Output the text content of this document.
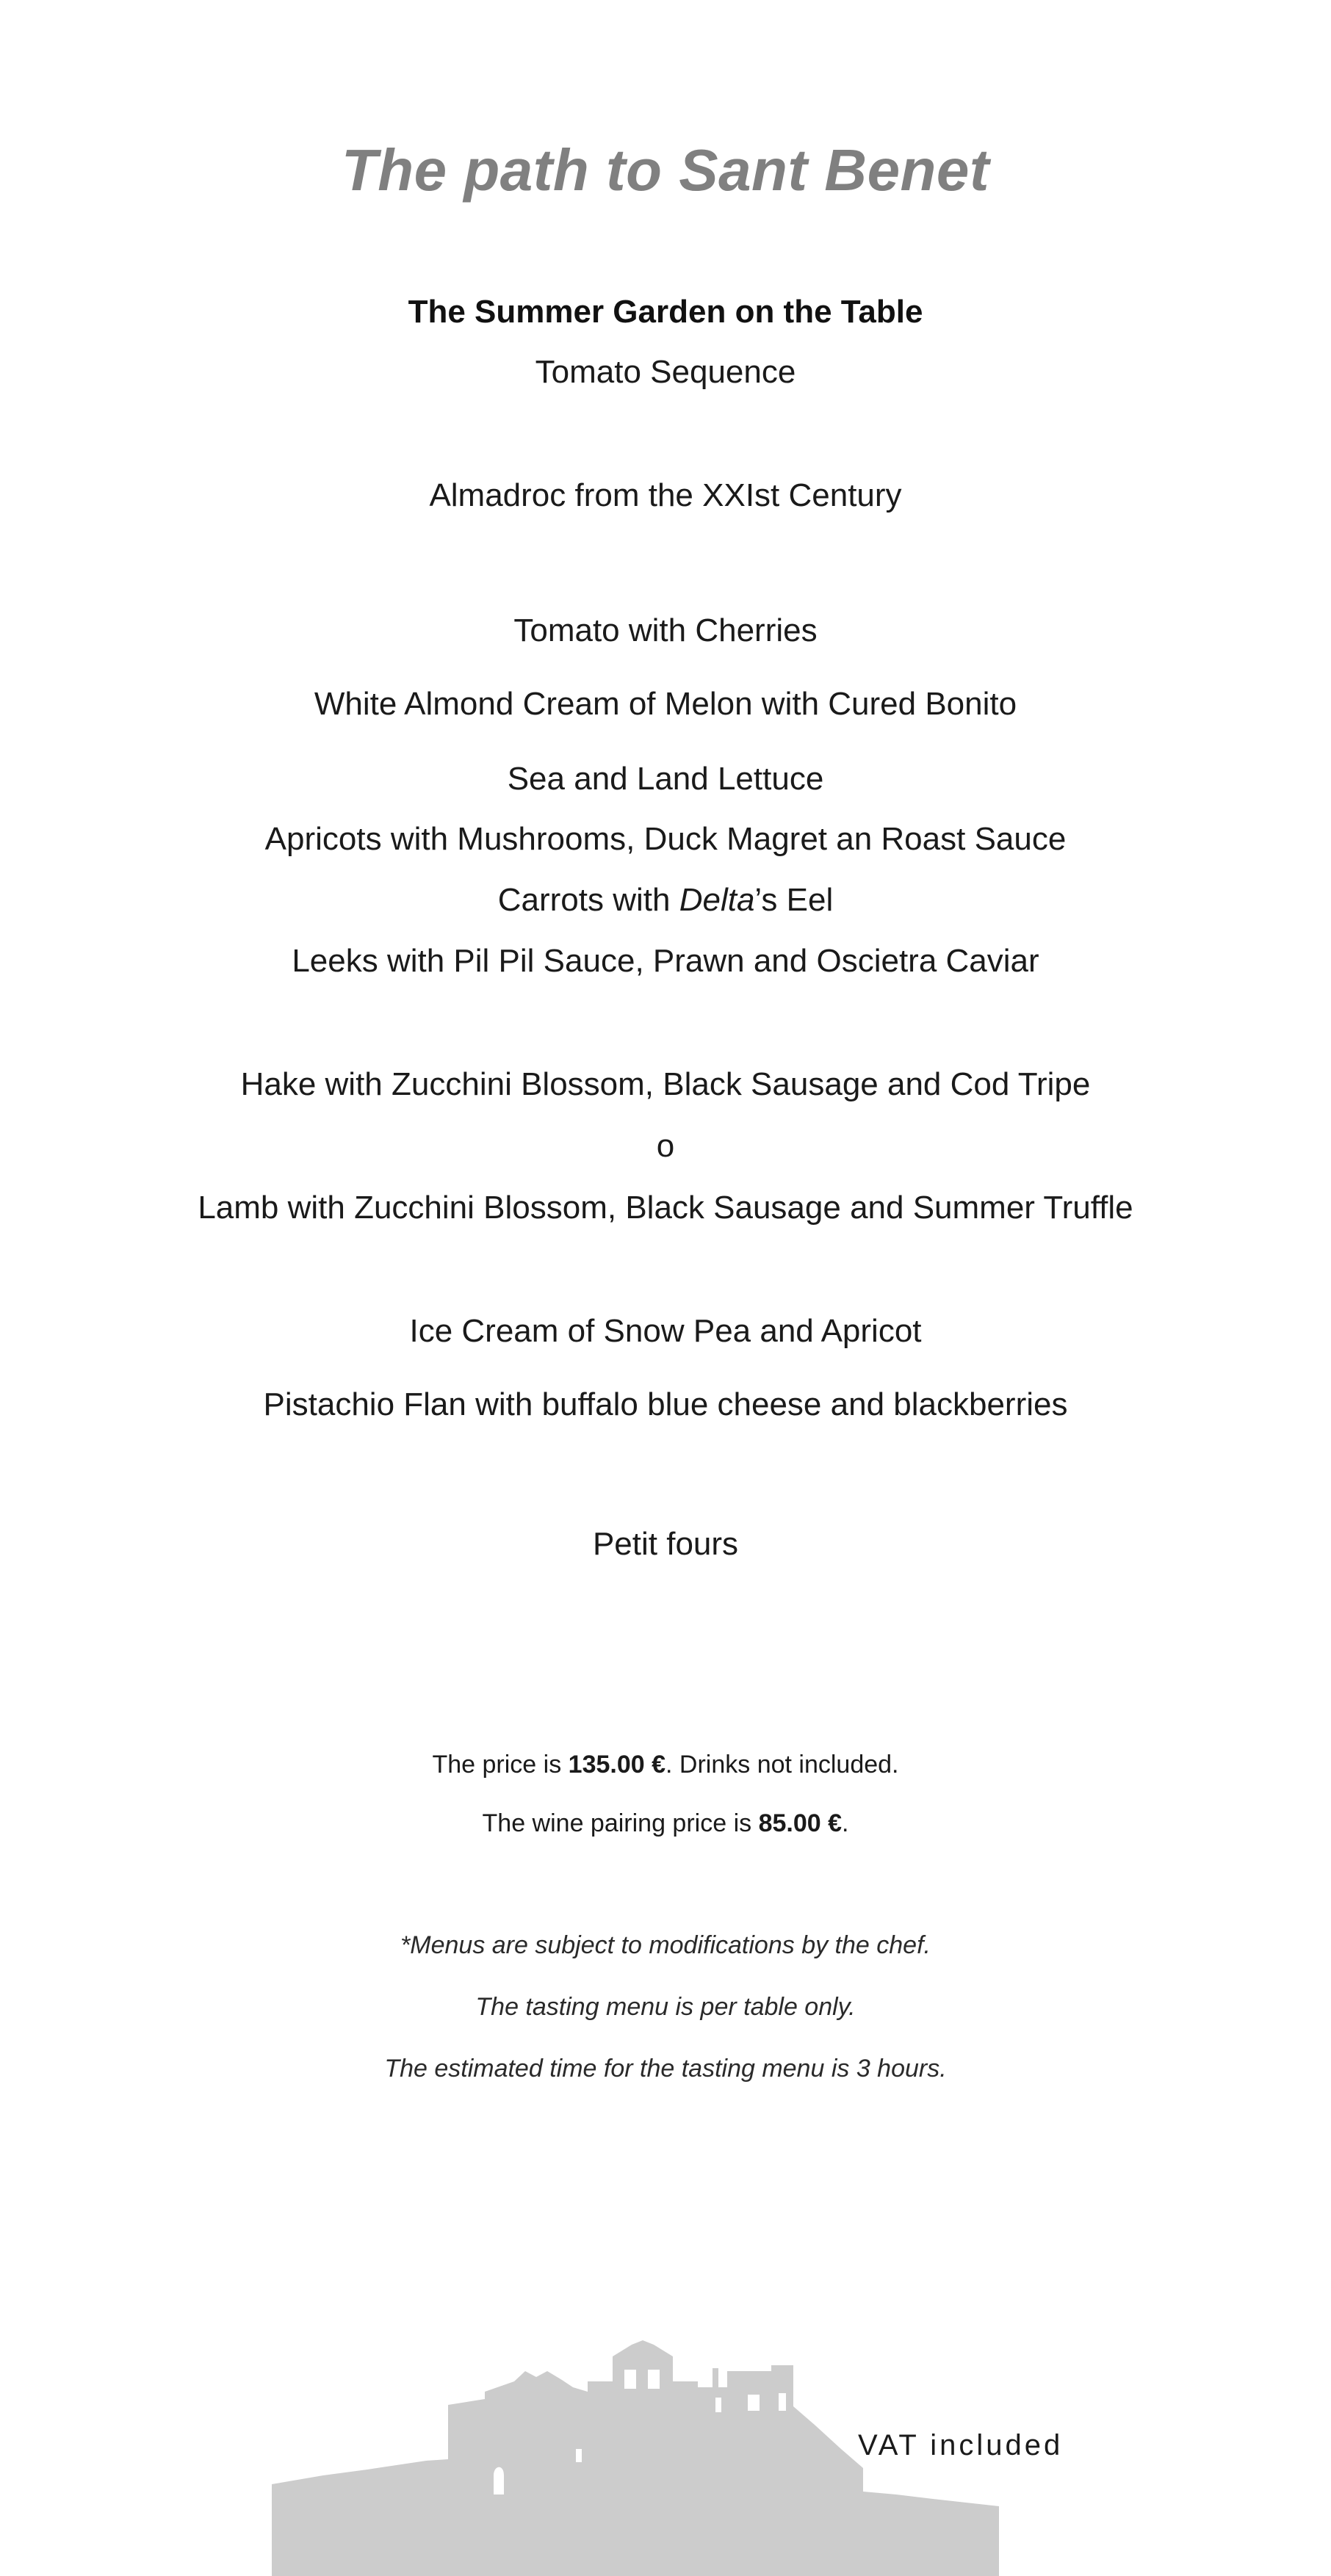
The path to Sant Benet
The Summer Garden on the Table
Tomato Sequence
Almadroc from the XXIst Century
Tomato with Cherries
White Almond Cream of Melon with Cured Bonito
Sea and Land Lettuce
Apricots with Mushrooms, Duck Magret an Roast Sauce
Carrots with Delta’s Eel
Leeks with Pil Pil Sauce, Prawn and Oscietra Caviar
Hake with Zucchini Blossom, Black Sausage and Cod Tripe
o
Lamb with Zucchini Blossom, Black Sausage and Summer Truffle
Ice Cream of Snow Pea and Apricot
Pistachio Flan with buffalo blue cheese and blackberries
Petit fours
The price is 135.00 €. Drinks not included.
The wine pairing price is 85.00 €.
*Menus are subject to modifications by the chef.
The tasting menu is per table only.
The estimated time for the tasting menu is 3 hours.
VAT included
